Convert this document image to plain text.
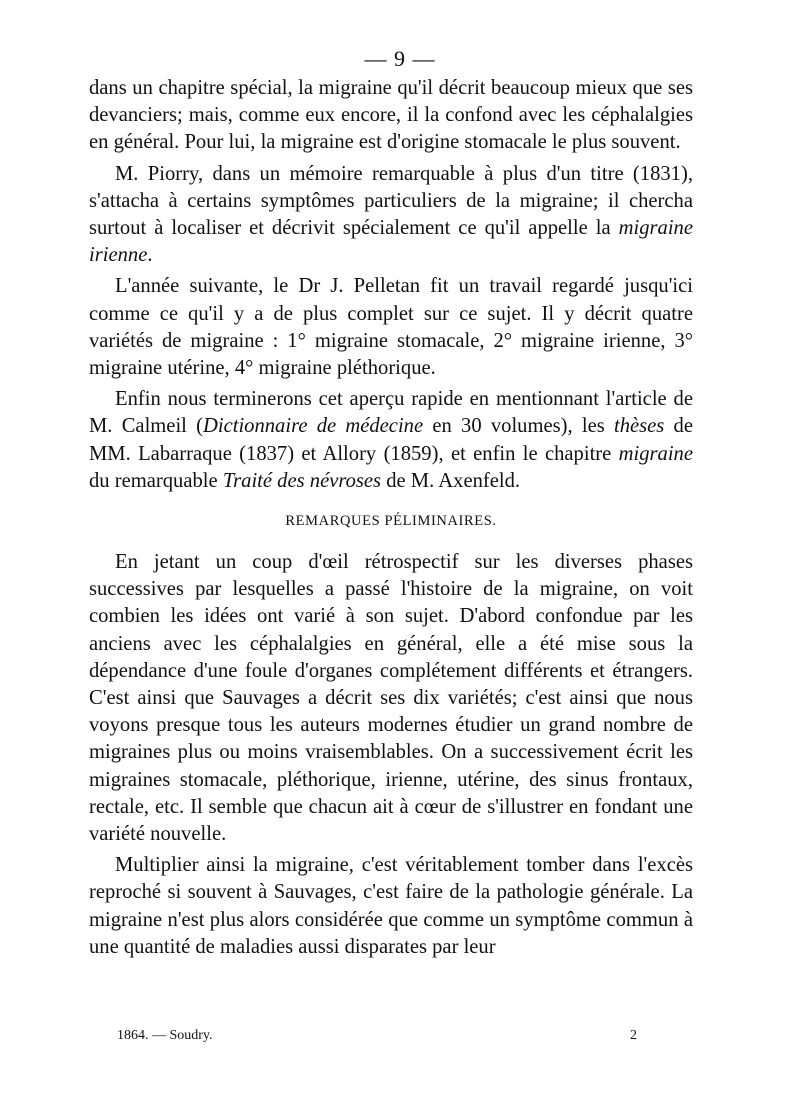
— 9 —

dans un chapitre spécial, la migraine qu'il décrit beaucoup mieux que ses devanciers; mais, comme eux encore, il la confond avec les céphalalgies en général. Pour lui, la migraine est d'origine stomacale le plus souvent.

M. Piorry, dans un mémoire remarquable à plus d'un titre (1831), s'attacha à certains symptômes particuliers de la migraine; il chercha surtout à localiser et décrivit spécialement ce qu'il appelle la migraine irienne.

L'année suivante, le Dr J. Pelletan fit un travail regardé jusqu'ici comme ce qu'il y a de plus complet sur ce sujet. Il y décrit quatre variétés de migraine : 1° migraine stomacale, 2° migraine irienne, 3° migraine utérine, 4° migraine pléthorique.

Enfin nous terminerons cet aperçu rapide en mentionnant l'article de M. Calmeil (Dictionnaire de médecine en 30 volumes), les thèses de MM. Labarraque (1837) et Allory (1859), et enfin le chapitre migraine du remarquable Traité des névroses de M. Axenfeld.

REMARQUES PÉLIMINAIRES.

En jetant un coup d'œil rétrospectif sur les diverses phases successives par lesquelles a passé l'histoire de la migraine, on voit combien les idées ont varié à son sujet. D'abord confondue par les anciens avec les céphalalgies en général, elle a été mise sous la dépendance d'une foule d'organes complétement différents et étrangers. C'est ainsi que Sauvages a décrit ses dix variétés; c'est ainsi que nous voyons presque tous les auteurs modernes étudier un grand nombre de migraines plus ou moins vraisemblables. On a successivement écrit les migraines stomacale, pléthorique, irienne, utérine, des sinus frontaux, rectale, etc. Il semble que chacun ait à cœur de s'illustrer en fondant une variété nouvelle.

Multiplier ainsi la migraine, c'est véritablement tomber dans l'excès reproché si souvent à Sauvages, c'est faire de la pathologie générale. La migraine n'est plus alors considérée que comme un symptôme commun à une quantité de maladies aussi disparates par leur

1864. — Soudry.	2
